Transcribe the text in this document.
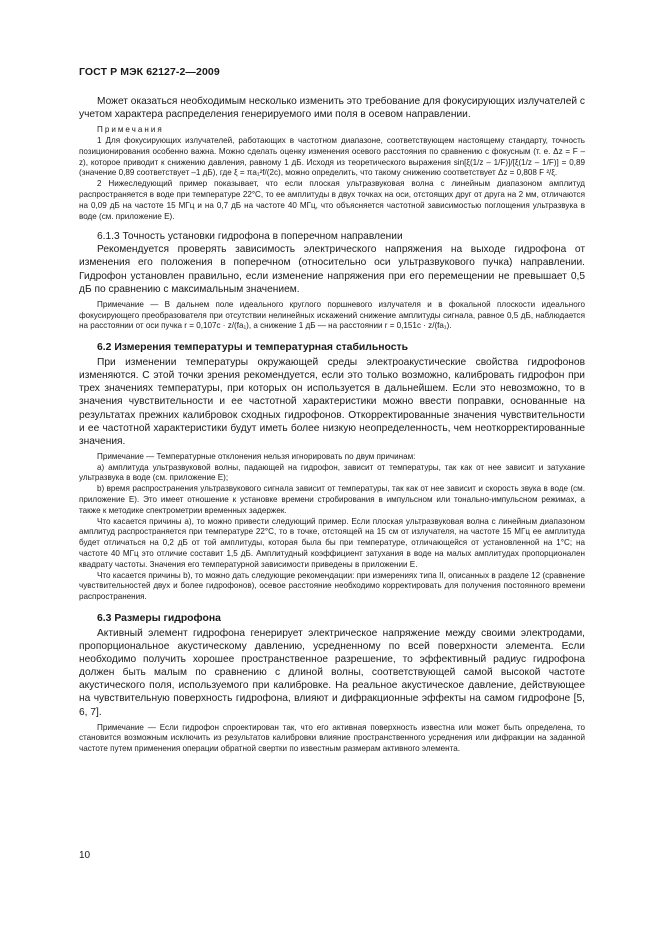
ГОСТ Р МЭК 62127-2—2009

Может оказаться необходимым несколько изменить это требование для фокусирующих излучателей с учетом характера распределения генерируемого ими поля в осевом направлении.

Примечания

1 Для фокусирующих излучателей, работающих в частотном диапазоне, соответствующем настоящему стандарту, точность позиционирования особенно важна. Можно сделать оценку изменения осевого расстояния по сравнению с фокусным (т. е. Δz = F – z), которое приводит к снижению давления, равному 1 дБ. Исходя из теоретического выражения sin[ξ(1/z – 1/F)]/[ξ(1/z – 1/F)] = 0,89 (значение 0,89 соответствует –1 дБ), где ξ = πa₁²f/(2c), можно определить, что такому снижению соответствует Δz = 0,808 F ²/ξ.

2 Нижеследующий пример показывает, что если плоская ультразвуковая волна с линейным диапазоном амплитуд распространяется в воде при температуре 22°С, то ее амплитуды в двух точках на оси, отстоящих друг от друга на 2 мм, отличаются на 0,09 дБ на частоте 15 МГц и на 0,7 дБ на частоте 40 МГц, что объясняется частотной зависимостью поглощения ультразвука в воде (см. приложение Е).

6.1.3 Точность установки гидрофона в поперечном направлении

Рекомендуется проверять зависимость электрического напряжения на выходе гидрофона от изменения его положения в поперечном (относительно оси ультразвукового пучка) направлении. Гидрофон установлен правильно, если изменение напряжения при его перемещении не превышает 0,5 дБ по сравнению с максимальным значением.

Примечание — В дальнем поле идеального круглого поршневого излучателя и в фокальной плоскости идеального фокусирующего преобразователя при отсутствии нелинейных искажений снижение амплитуды сигнала, равное 0,5 дБ, наблюдается на расстоянии от оси пучка r = 0,107c · z/(fa₁), а снижение 1 дБ — на расстоянии r = 0,151c · z/(fa₁).

6.2 Измерения температуры и температурная стабильность

При изменении температуры окружающей среды электроакустические свойства гидрофонов изменяются. С этой точки зрения рекомендуется, если это только возможно, калибровать гидрофон при трех значениях температуры, при которых он используется в дальнейшем. Если это невозможно, то в значения чувствительности и ее частотной характеристики можно ввести поправки, основанные на результатах прежних калибровок сходных гидрофонов. Откорректированные значения чувствительности и ее частотной характеристики будут иметь более низкую неопределенность, чем неоткорректированные значения.

Примечание — Температурные отклонения нельзя игнорировать по двум причинам:

a) амплитуда ультразвуковой волны, падающей на гидрофон, зависит от температуры, так как от нее зависит и затухание ультразвука в воде (см. приложение Е);

b) время распространения ультразвукового сигнала зависит от температуры, так как от нее зависит и скорость звука в воде (см. приложение Е). Это имеет отношение к установке времени стробирования в импульсном или тонально-импульсном режимах, а также к методике спектрометрии временных задержек.

Что касается причины а), то можно привести следующий пример. Если плоская ультразвуковая волна с линейным диапазоном амплитуд распространяется при температуре 22°С, то в точке, отстоящей на 15 см от излучателя, на частоте 15 МГц ее амплитуда будет отличаться на 0,2 дБ от той амплитуды, которая была бы при температуре, отличающейся от установленной на 1°С; на частоте 40 МГц это отличие составит 1,5 дБ. Амплитудный коэффициент затухания в воде на малых амплитудах пропорционален квадрату частоты. Значения его температурной зависимости приведены в приложении Е.

Что касается причины b), то можно дать следующие рекомендации: при измерениях типа II, описанных в разделе 12 (сравнение чувствительностей двух и более гидрофонов), осевое расстояние необходимо корректировать для получения постоянного времени распространения.

6.3 Размеры гидрофона

Активный элемент гидрофона генерирует электрическое напряжение между своими электродами, пропорциональное акустическому давлению, усредненному по всей поверхности элемента. Если необходимо получить хорошее пространственное разрешение, то эффективный радиус гидрофона должен быть малым по сравнению с длиной волны, соответствующей самой высокой частоте акустического поля, используемого при калибровке. На реальное акустическое давление, действующее на чувствительную поверхность гидрофона, влияют и дифракционные эффекты на самом гидрофоне [5, 6, 7].

Примечание — Если гидрофон спроектирован так, что его активная поверхность известна или может быть определена, то становится возможным исключить из результатов калибровки влияние пространственного усреднения или дифракции на заданной частоте путем применения операции обратной свертки по известным размерам активного элемента.

10
